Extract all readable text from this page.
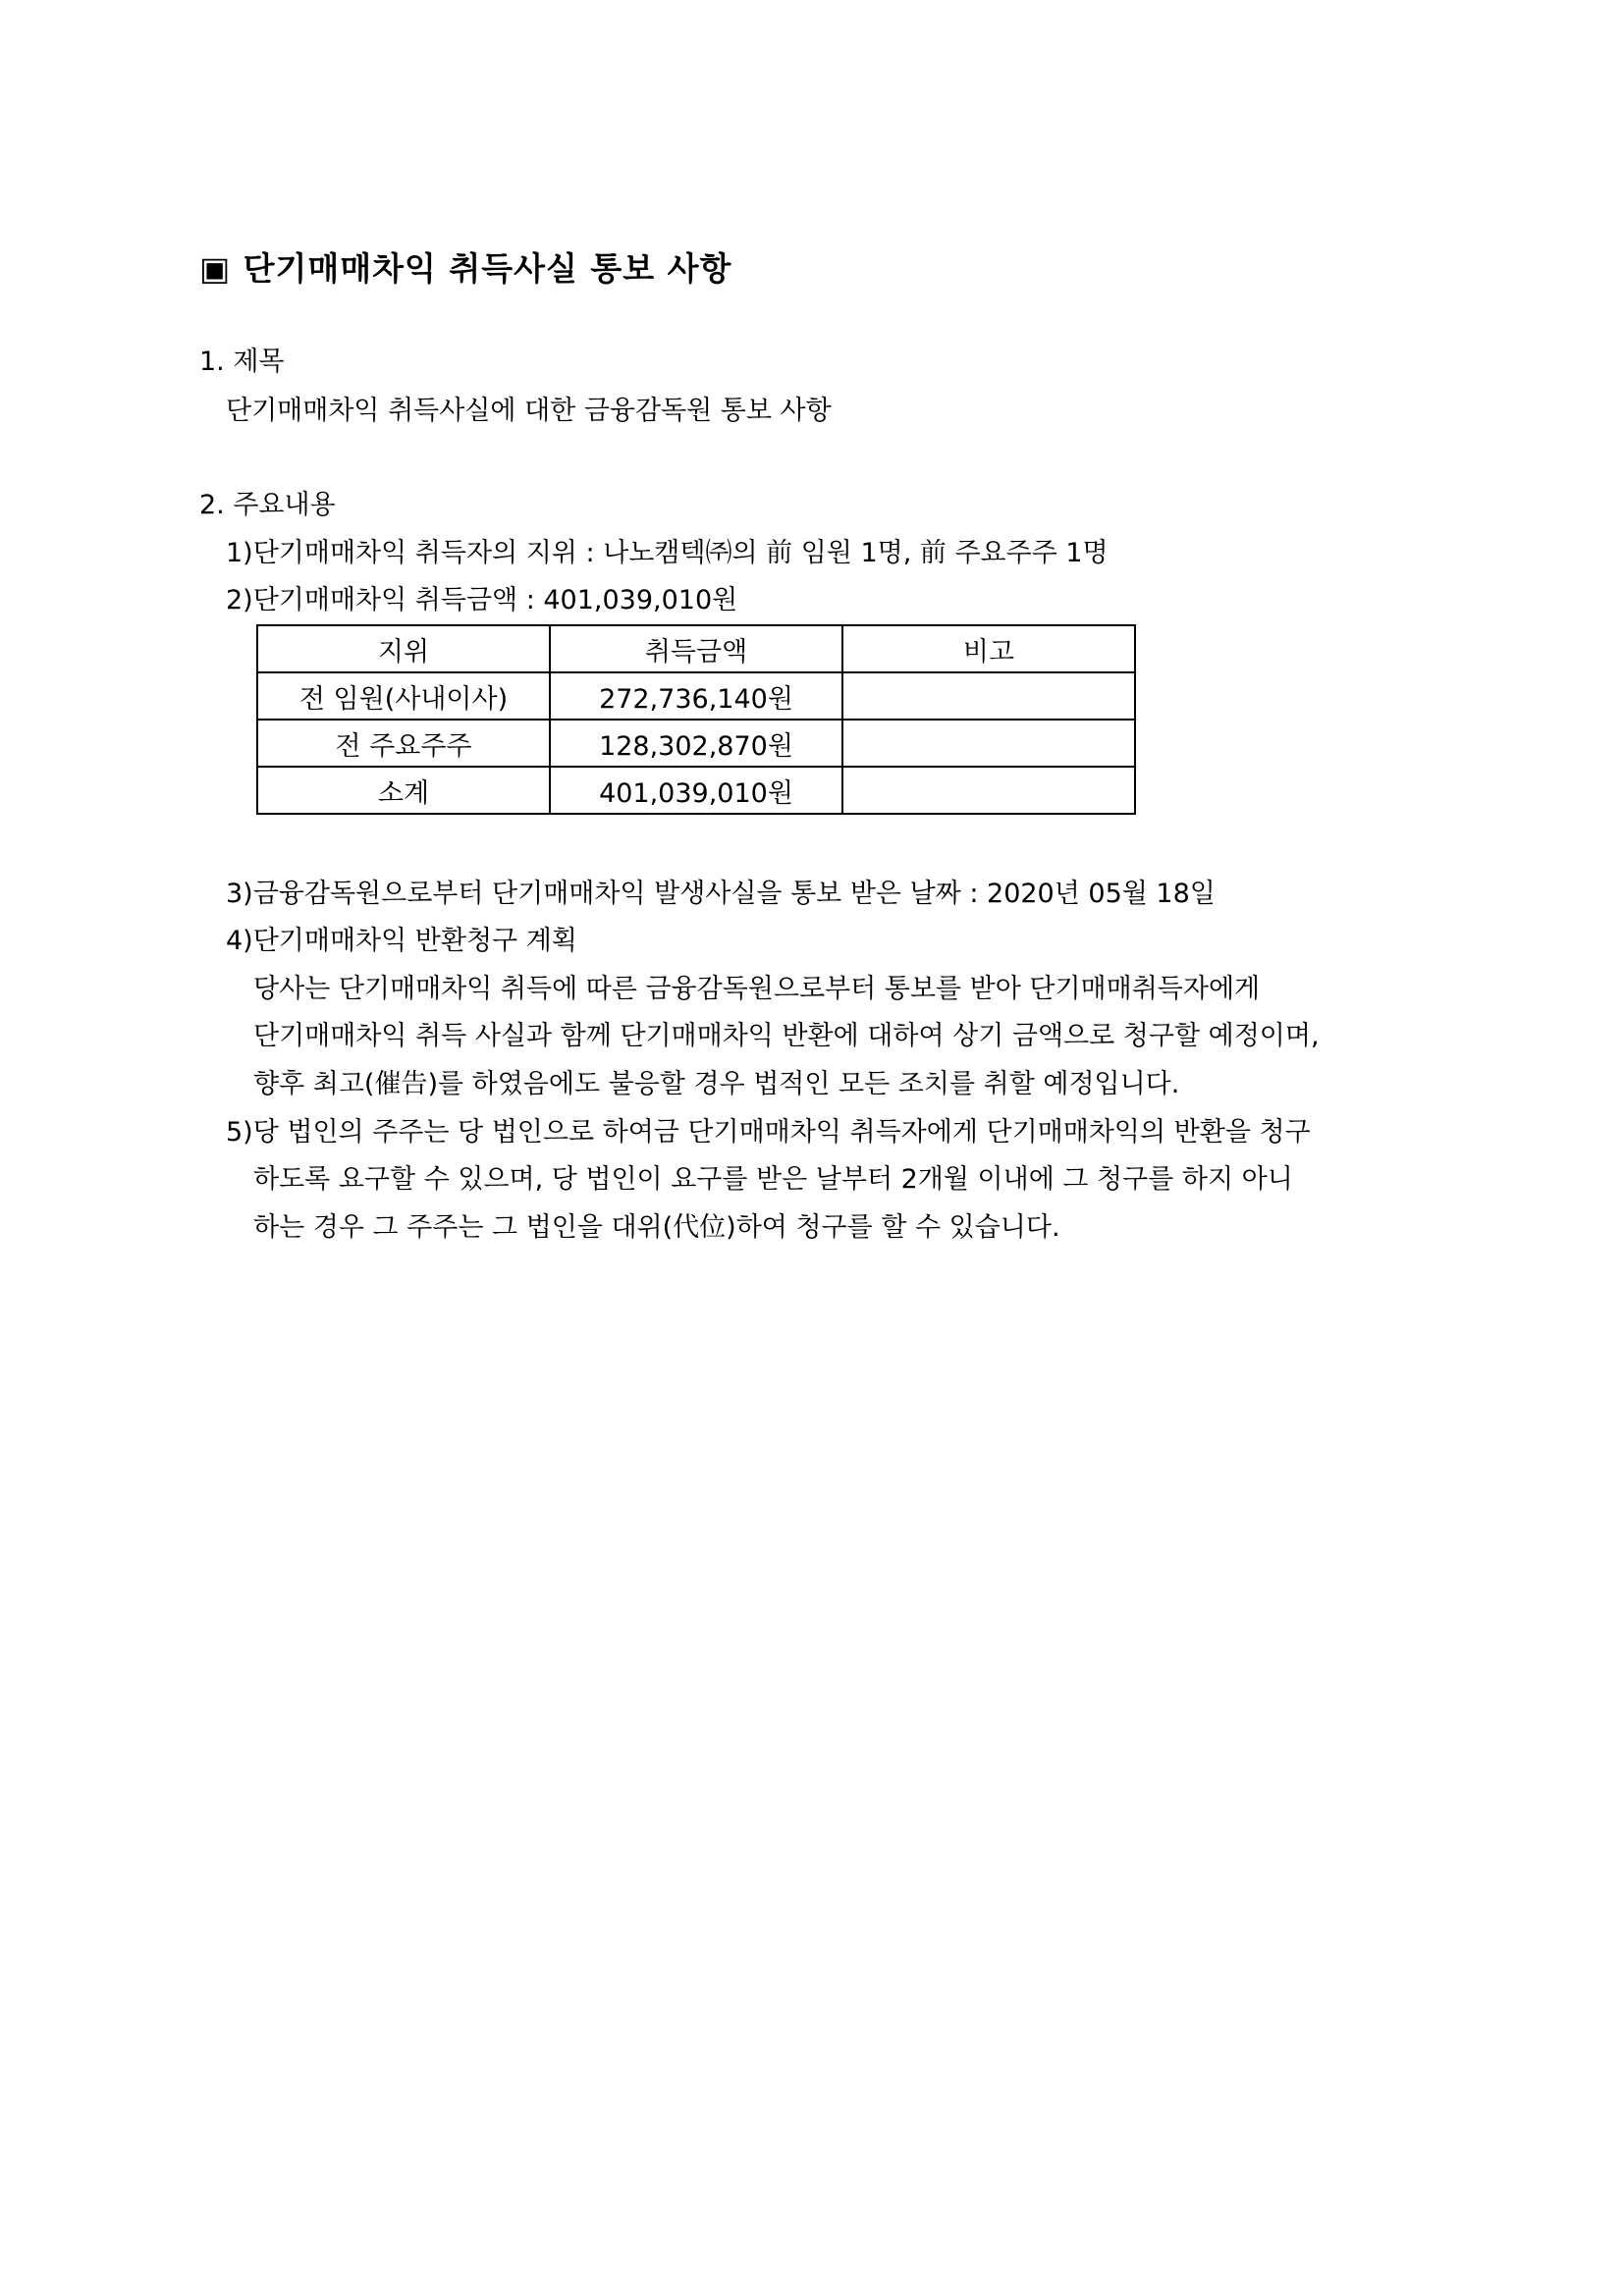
▣ 단기매매차익 취득사실 통보 사항
1. 제목
단기매매차익 취득사실에 대한 금융감독원 통보 사항
2. 주요내용
1)단기매매차익 취득자의 지위 : 나노캠텍㈜의 前 임원 1명, 前 주요주주 1명
2)단기매매차익 취득금액 : 401,039,010원
지위	취득금액	비고
전 임원(사내이사)	272,736,140원	
전 주요주주	128,302,870원	
소계	401,039,010원	
3)금융감독원으로부터 단기매매차익 발생사실을 통보 받은 날짜 : 2020년 05월 18일
4)단기매매차익 반환청구 계획
당사는 단기매매차익 취득에 따른 금융감독원으로부터 통보를 받아 단기매매취득자에게
단기매매차익 취득 사실과 함께 단기매매차익 반환에 대하여 상기 금액으로 청구할 예정이며,
향후 최고(催告)를 하였음에도 불응할 경우 법적인 모든 조치를 취할 예정입니다.
5)당 법인의 주주는 당 법인으로 하여금 단기매매차익 취득자에게 단기매매차익의 반환을 청구
하도록 요구할 수 있으며, 당 법인이 요구를 받은 날부터 2개월 이내에 그 청구를 하지 아니
하는 경우 그 주주는 그 법인을 대위(代位)하여 청구를 할 수 있습니다.
